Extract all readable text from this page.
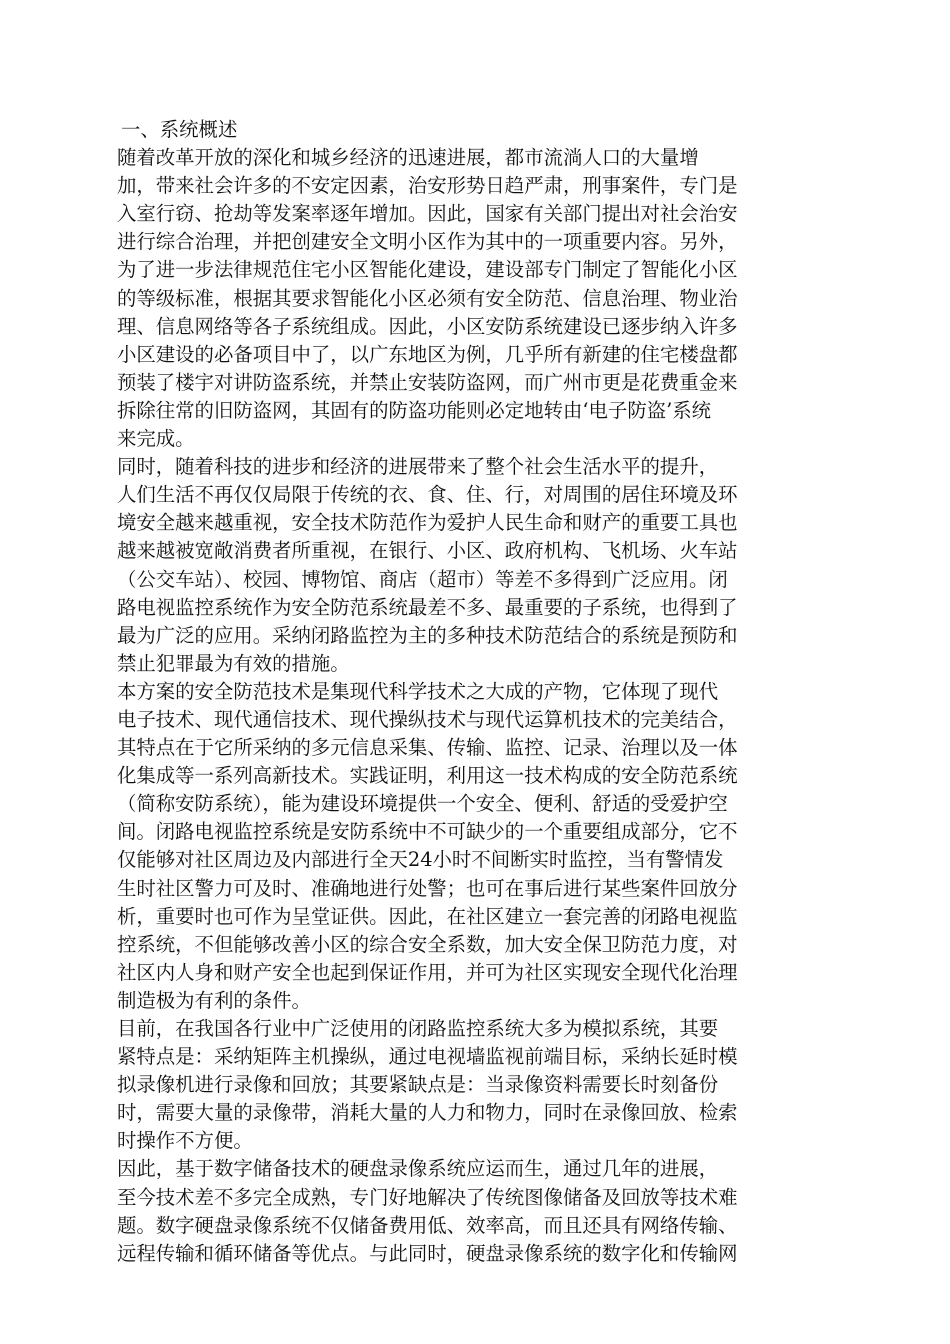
一、系统概述
随着改革开放的深化和城乡经济的迅速进展，都市流淌人口的大量增
加，带来社会许多的不安定因素，治安形势日趋严肃，刑事案件，专门是
入室行窃、抢劫等发案率逐年增加。因此，国家有关部门提出对社会治安
进行综合治理，并把创建安全文明小区作为其中的一项重要内容。另外，
为了进一步法律规范住宅小区智能化建设，建设部专门制定了智能化小区
的等级标准，根据其要求智能化小区必须有安全防范、信息治理、物业治
理、信息网络等各子系统组成。因此，小区安防系统建设已逐步纳入许多
小区建设的必备项目中了，以广东地区为例，几乎所有新建的住宅楼盘都
预装了楼宇对讲防盗系统，并禁止安装防盗网，而广州市更是花费重金来
拆除往常的旧防盗网，其固有的防盗功能则必定地转由‘电子防盗’系统
来完成。
同时，随着科技的进步和经济的进展带来了整个社会生活水平的提升，
人们生活不再仅仅局限于传统的衣、食、住、行，对周围的居住环境及环
境安全越来越重视，安全技术防范作为爱护人民生命和财产的重要工具也
越来越被宽敞消费者所重视，在银行、小区、政府机构、飞机场、火车站
（公交车站）、校园、博物馆、商店（超市）等差不多得到广泛应用。闭
路电视监控系统作为安全防范系统最差不多、最重要的子系统，也得到了
最为广泛的应用。采纳闭路监控为主的多种技术防范结合的系统是预防和
禁止犯罪最为有效的措施。
本方案的安全防范技术是集现代科学技术之大成的产物，它体现了现代
电子技术、现代通信技术、现代操纵技术与现代运算机技术的完美结合，
其特点在于它所采纳的多元信息采集、传输、监控、记录、治理以及一体
化集成等一系列高新技术。实践证明，利用这一技术构成的安全防范系统
（简称安防系统），能为建设环境提供一个安全、便利、舒适的受爱护空
间。闭路电视监控系统是安防系统中不可缺少的一个重要组成部分，它不
仅能够对社区周边及内部进行全天24小时不间断实时监控，当有警情发
生时社区警力可及时、准确地进行处警；也可在事后进行某些案件回放分
析，重要时也可作为呈堂证供。因此，在社区建立一套完善的闭路电视监
控系统，不但能够改善小区的综合安全系数，加大安全保卫防范力度，对
社区内人身和财产安全也起到保证作用，并可为社区实现安全现代化治理
制造极为有利的条件。
目前，在我国各行业中广泛使用的闭路监控系统大多为模拟系统，其要
紧特点是：采纳矩阵主机操纵，通过电视墙监视前端目标，采纳长延时模
拟录像机进行录像和回放；其要紧缺点是：当录像资料需要长时刻备份
时，需要大量的录像带，消耗大量的人力和物力，同时在录像回放、检索
时操作不方便。
因此，基于数字储备技术的硬盘录像系统应运而生，通过几年的进展，
至今技术差不多完全成熟，专门好地解决了传统图像储备及回放等技术难
题。数字硬盘录像系统不仅储备费用低、效率高，而且还具有网络传输、
远程传输和循环储备等优点。与此同时，硬盘录像系统的数字化和传输网
